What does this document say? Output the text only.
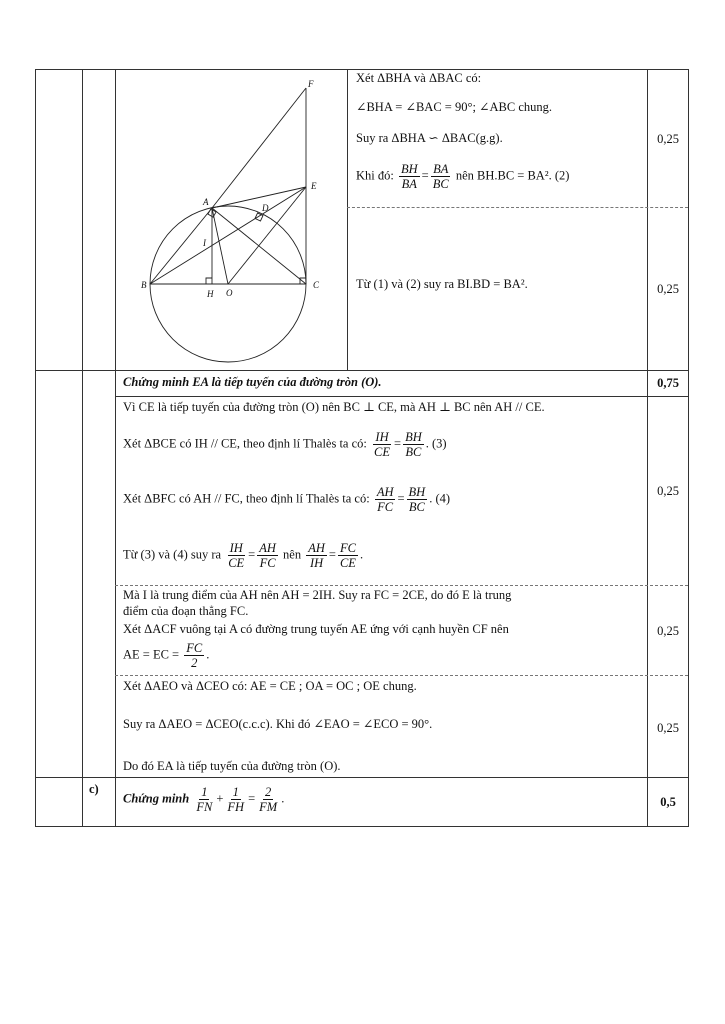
F
E
A
D
I
B
H O
C
Xét ΔBHA và ΔBAC có:
∠BHA = ∠BAC = 90°; ∠ABC chung.
Suy ra ΔBHA ∽ ΔBAC(g.g).
Khi đó: $\frac{BH}{BA} = \frac{BA}{BC}$ nên BH.BC = BA². (2)
0,25
Từ (1) và (2) suy ra BI.BD = BA².	0,25
Chứng minh EA là tiếp tuyến của đường tròn (O).	0,75
Vì CE là tiếp tuyến của đường tròn (O) nên BC ⊥ CE, mà AH ⊥ BC nên AH // CE.
Xét ΔBCE có IH // CE, theo định lí Thalès ta có: $\frac{IH}{CE} = \frac{BH}{BC}$ . (3)
Xét ΔBFC có AH // FC, theo định lí Thalès ta có: $\frac{AH}{FC} = \frac{BH}{BC}$ . (4)
Từ (3) và (4) suy ra $\frac{IH}{CE} = \frac{AH}{FC}$ nên $\frac{AH}{IH} = \frac{FC}{CE}$ .
0,25
Mà I là trung điểm của AH nên AH = 2IH. Suy ra FC = 2CE, do đó E là trung
điểm của đoạn thẳng FC.
Xét ΔACF vuông tại A có đường trung tuyến AE ứng với cạnh huyền CF nên
AE = EC = $\frac{FC}{2}$ .
0,25
Xét ΔAEO và ΔCEO có: AE = CE ; OA = OC ; OE chung.
Suy ra ΔAEO = ΔCEO(c.c.c). Khi đó ∠EAO = ∠ECO = 90°.
Do đó EA là tiếp tuyến của đường tròn (O).
0,25
c)
Chứng minh $\frac{1}{FN} + \frac{1}{FH} = \frac{2}{FM}$ .	0,5
